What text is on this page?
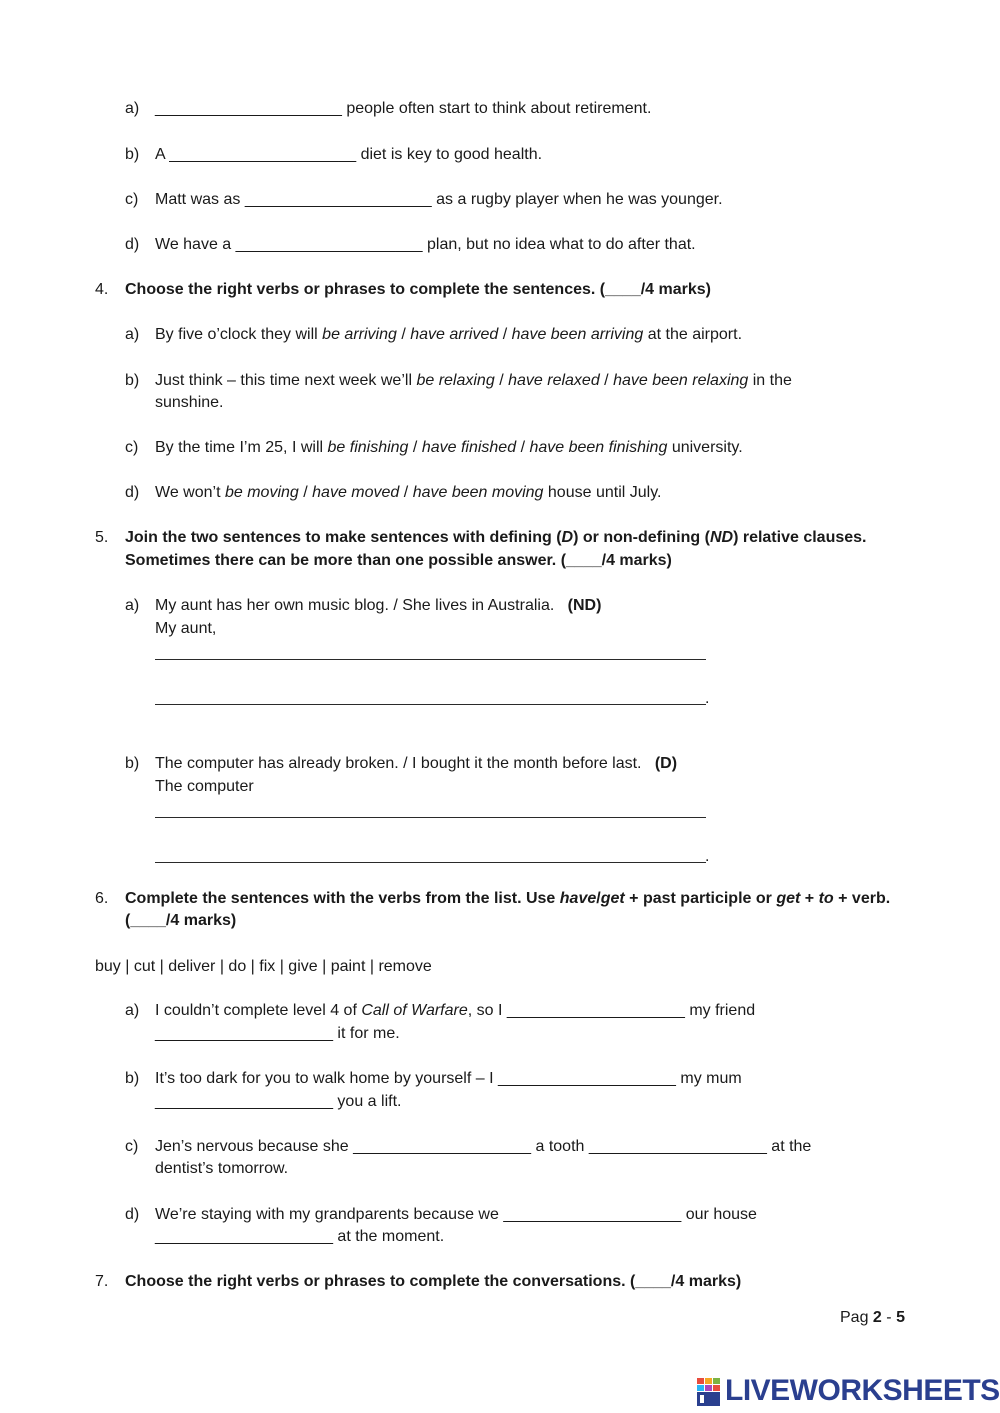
a) _____________________ people often start to think about retirement.
b) A _____________________ diet is key to good health.
c) Matt was as _____________________ as a rugby player when he was younger.
d) We have a _____________________ plan, but no idea what to do after that.
4. Choose the right verbs or phrases to complete the sentences. (____/4 marks)
a) By five o’clock they will be arriving / have arrived / have been arriving at the airport.
b) Just think – this time next week we’ll be relaxing / have relaxed / have been relaxing in the
sunshine.
c) By the time I’m 25, I will be finishing / have finished / have been finishing university.
d) We won’t be moving / have moved / have been moving house until July.
5. Join the two sentences to make sentences with defining (D) or non-defining (ND) relative clauses.
Sometimes there can be more than one possible answer. (____/4 marks)
a) My aunt has her own music blog. / She lives in Australia. (ND)
My aunt,
.
b) The computer has already broken. / I bought it the month before last. (D)
The computer
.
6. Complete the sentences with the verbs from the list. Use have/get + past participle or get + to + verb.
(____/4 marks)
buy | cut | deliver | do | fix | give | paint | remove
a) I couldn’t complete level 4 of Call of Warfare, so I ____________________ my friend
____________________ it for me.
b) It’s too dark for you to walk home by yourself – I ____________________ my mum
____________________ you a lift.
c) Jen’s nervous because she ____________________ a tooth ____________________ at the
dentist’s tomorrow.
d) We’re staying with my grandparents because we ____________________ our house
____________________ at the moment.
7. Choose the right verbs or phrases to complete the conversations. (____/4 marks)
Pag 2 - 5
LIVEWORKSHEETS
